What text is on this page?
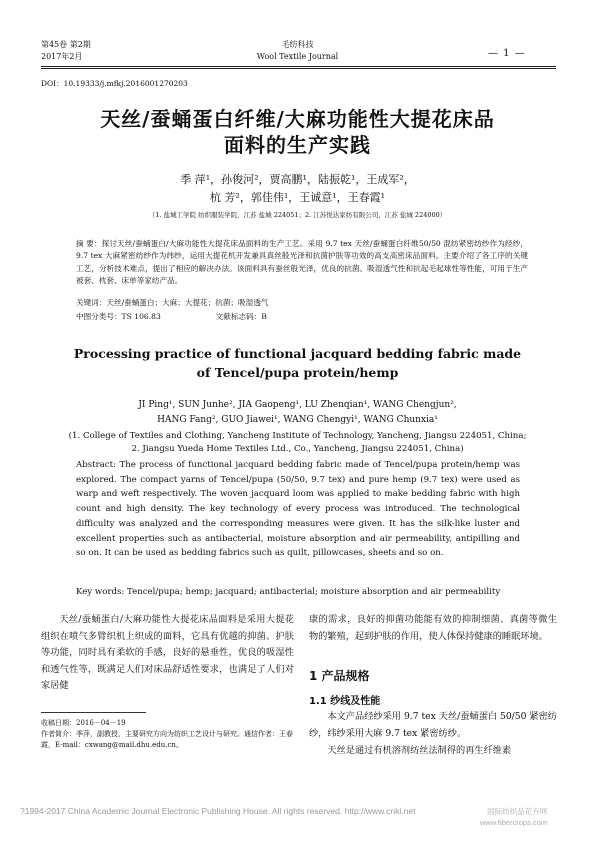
第45卷 第2期
2017年2月
毛纺科技
Wool Textile Journal	— 1 —
DOI：10.19333/j.mfkj.2016001270203
天丝/蚕蛹蛋白纤维/大麻功能性大提花床品
面料的生产实践
季 萍¹，孙俊河²，贾高鹏¹，陆振乾¹，王成军²，
杭 芳²，郭佳伟¹，王诚意¹，王春霞¹
（1. 盐城工学院 纺织服装学院，江苏 盐城 224051；2. 江苏悦达家纺有限公司，江苏 盐城 224000）
摘 要：探讨天丝/蚕蛹蛋白/大麻功能性大提花床品面料的生产工艺。采用 9.7 tex 天丝/蚕蛹蛋白纤维50/50 混纺紧密纺纱作为经纱，9.7 tex 大麻紧密纺纱作为纬纱，运用大提花机开发兼具真丝般光泽和抗菌护肤等功效的高支高密床品面料。主要介绍了各工序的关键工艺，分析技术难点，提出了相应的解决办法。该面料具有蚕丝般光泽，优良的抗菌、吸湿透气性和抗起毛起球性等性能，可用于生产被套、枕套、床单等家纺产品。
关键词：天丝/蚕蛹蛋白；大麻；大提花；抗菌；吸湿透气
中图分类号：TS 106.83	文献标志码：B
Processing practice of functional jacquard bedding fabric made
of Tencel/pupa protein/hemp
JI Ping¹, SUN Junhe², JIA Gaopeng¹, LU Zhenqian¹, WANG Chengjun²,
HANG Fang², GUO Jiawei¹, WANG Chengyi¹, WANG Chunxia¹
(1. College of Textiles and Clothing, Yancheng Institute of Technology, Yancheng, Jiangsu 224051, China;
2. Jiangsu Yueda Home Textiles Ltd., Co., Yancheng, Jiangsu 224051, China)
Abstract: The process of functional jacquard bedding fabric made of Tencel/pupa protein/hemp was explored. The compact yarns of Tencel/pupa (50/50, 9.7 tex) and pure hemp (9.7 tex) were used as warp and weft respectively. The woven jacquard loom was applied to make bedding fabric with high count and high density. The key technology of every process was introduced. The technological difficulty was analyzed and the corresponding measures were given. It has the silk-like luster and excellent properties such as antibacterial, moisture absorption and air permeability, antipilling and so on. It can be used as bedding fabrics such as quilt, pillowcases, sheets and so on.
Key words: Tencel/pupa; hemp; jacquard; antibacterial; moisture absorption and air permeability
天丝/蚕蛹蛋白/大麻功能性大提花床品面料是采用大提花组织在喷气多臂织机上织成的面料，它具有优越的抑菌、护肤等功能，同时具有柔软的手感，良好的悬垂性，优良的吸湿性和透气性等，既满足人们对床品舒适性要求，也满足了人们对家居健
康的需求，良好的抑菌功能能有效的抑制细菌、真菌等微生物的繁殖，起到护肤的作用，使人体保持健康的睡眠环境。
1 产品规格
1.1 纱线及性能
本文产品经纱采用 9.7 tex 天丝/蚕蛹蛋白 50/50 紧密纺纱，纬纱采用大麻 9.7 tex 紧密纺纱。
天丝是通过有机溶剂纺丝法制得的再生纤维素
收稿日期：2016－04－19
作者简介：季萍，副教授，主要研究方向为纺织工艺设计与研究。通信作者：王春霞，E-mail：cxwang@mail.dhu.edu.cn。
?1994-2017 China Academic Journal Electronic Publishing House. All rights reserved. http://www.cnki.net	国际纺织品花卉网
www.fibercrops.com
